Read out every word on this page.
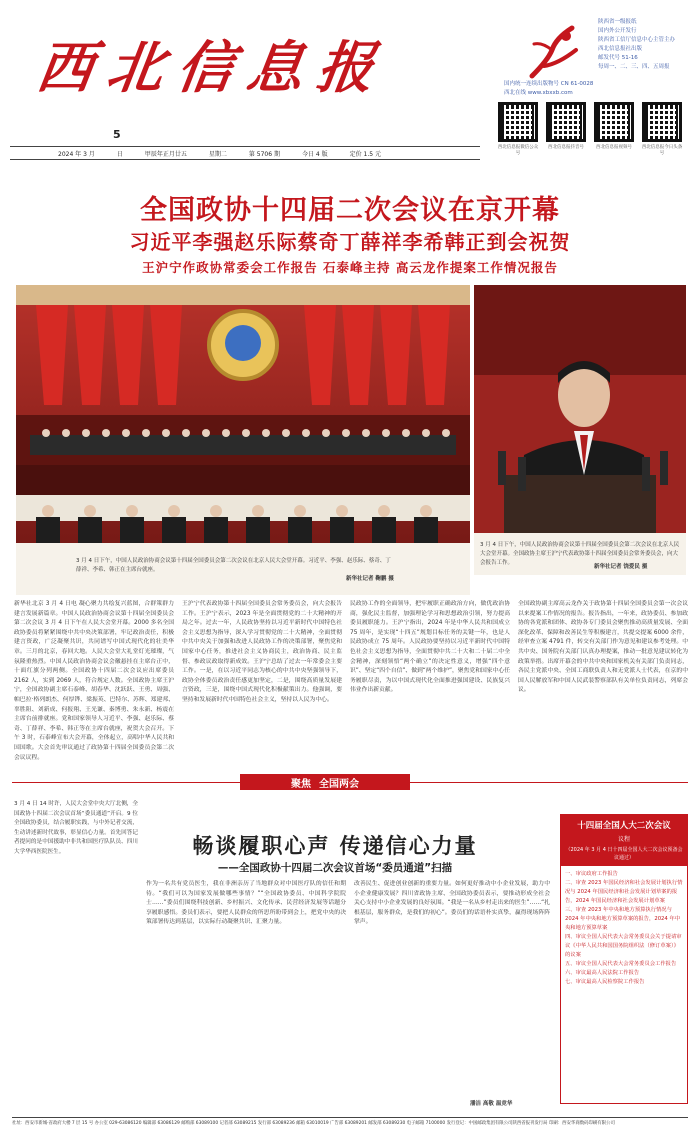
西北信息报
陕西省一级报纸
国内外公开发行
陕西省工信厅信息中心主管主办
西北信息报社出版
邮发代号 51-16
每周一、二、三、四、五周报
国内统一连续出版物号 CN 61-0028
西北在线 www.xbxxb.com
西北信息报微信公众号
西北信息报抖音号	西北信息报视频号	西北信息报今日头条号
5
2024 年 3 月	日	甲辰年正月廿五	星期二	第 5706 期	今日 4 版	定价 1.5 元
全国政协十四届二次会议在京开幕
习近平李强赵乐际蔡奇丁薛祥李希韩正到会祝贺
王沪宁作政协常委会工作报告 石泰峰主持 高云龙作提案工作情况报告
3 月 4 日下午，中国人民政治协商会议第十四届全国委员会第二次会议在北京人民大会堂开幕。习近平、李强、赵乐际、蔡奇、丁薛祥、李希、韩正在主席台就座。
新华社记者 鞠鹏 摄
3 月 4 日下午，中国人民政治协商会议第十四届全国委员会第二次会议在北京人民大会堂开幕。全国政协主席王沪宁代表政协第十四届全国委员会常务委员会，向大会报告工作。
新华社记者 饶爱民 摄
新华社北京 3 月 4 日电 凝心聚力共绘复兴蓝图，合群策群力建言发展新篇章。中国人民政治协商会议第十四届全国委员会第二次会议 3 月 4 日下午在人民大会堂开幕。2000 多名全国政协委员将紧紧围绕中共中央决策部署，牢记政治责任，积极建言资政，广泛凝聚共识，共同谱写中国式现代化的壮美华章。三月的北京，春回大地。人民大会堂大礼堂灯光璀璨，气氛隆重热烈。中国人民政治协商会议会徽悬挂在主席台正中，十面红旗分列两侧。全国政协十四届二次会议应出席委员 2162 人，实到 2069 人，符合规定人数。全国政协主席王沪宁，全国政协副主席石泰峰、胡春华、沈跃跃、王勇、周强、帕巴拉·格列朗杰、何厚铧、梁振英、巴特尔、苏辉、郑建邦、辜胜阻、刘新成、何报翔、王光谦、秦博勇、朱永新、杨震在主席台前排就座。党和国家领导人习近平、李强、赵乐际、蔡奇、丁薛祥、李希、韩正等在主席台就座，祝贺大会召开。下午 3 时，石泰峰宣布大会开幕，全体起立，高唱中华人民共和国国歌。大会首先审议通过了政协第十四届全国委员会第二次会议议程。
王沪宁代表政协第十四届全国委员会常务委员会，向大会报告工作。王沪宁表示，2023 年是全面贯彻党的二十大精神的开局之年。过去一年，人民政协坚持以习近平新时代中国特色社会主义思想为指导，深入学习贯彻党的二十大精神，全面贯彻中共中央关于加强和改进人民政协工作的决策部署，聚焦党和国家中心任务，推进社会主义协商民主，政治协商、民主监督、参政议政取得新成效。王沪宁总结了过去一年常委会主要工作。一是，在以习近平同志为核心的中共中央坚强领导下，政协全体委员政治责任感更加坚定，二是，围绕高质量发展建言资政，三是，围绕中国式现代化积极献策出力。他强调，要坚持和发展新时代中国特色社会主义，坚持以人民为中心。
民政协工作的全面领导，把牢履职正确政治方向，做优政治协商，强化民主监督，加强理论学习和思想政治引领，努力提高委员履职能力。王沪宁指出，2024 年是中华人民共和国成立 75 周年，是实现“十四五”规划目标任务的关键一年，也是人民政协成立 75 周年。人民政协要坚持以习近平新时代中国特色社会主义思想为指导，全面贯彻中共二十大和二十届二中全会精神，深刻领悟“两个确立”的决定性意义，增强“四个意识”、坚定“四个自信”、做到“两个维护”，聚焦党和国家中心任务履职尽责，为以中国式现代化全面推进强国建设、民族复兴伟业作出新贡献。
全国政协副主席高云龙作关于政协第十四届全国委员会第一次会议以来提案工作情况的报告。报告指出，一年来，政协委员、参加政协的各党派和团体、政协各专门委员会聚焦推动高质量发展、全面深化改革、保障和改善民生等积极建言，共提交提案 6000 余件，经审查立案 4791 件，转交有关部门作为意见和建议参考处理。中共中央、国务院有关部门认真办理提案，推动一批意见建议转化为政策举措。出席开幕会的中共中央和国家机关有关部门负责同志，各民主党派中央、全国工商联负责人和无党派人士代表，在京的中国人民解放军和中国人民武装警察部队有关单位负责同志，列席会议。
聚焦 全国两会
3 月 4 日 14 时许，人民大会堂中央大厅北侧，全国政协十四届二次会议首场“委员通道”开启。9 位全国政协委员，结合履职实践，与中外记者交流，生动讲述新时代故事，彰显信心力量。首先回答记者提问的是中国援助中非共和国医疗队队员、四川大学华西医院医生。	畅谈履职心声 传递信心力量
——全国政协十四届二次会议首场“委员通道”扫描
作为一名共有党员医生，我在非洲亲历了当地群众对中国医疗队的信任和期待。“我们可以为国家发展做哪些事情？”“全国政协委员、中国科学院院士……”委员们围绕科技创新、乡村振兴、文化传承、民营经济发展等话题分享履职感悟。委员们表示，要把人民群众的所思所盼带到会上，把党中央的决策部署传达到基层，以实际行动凝聚共识、汇聚力量。
改善民生、促进创业创新的重要力量。如何更好推动中小企业发展，助力中小企业健康发展？四川省政协主席、全国政协委员表示，要推动形成全社会关心支持中小企业发展的良好氛围。“我是一名从乡村走出来的医生”……“扎根基层，服务群众，是我们的初心”。委员们的话语朴实真挚，赢得现场阵阵掌声。
潘洁 高敬 温竞华
十四届全国人大二次会议
议程
（2024 年 3 月 4 日十四届全国人大二次会议预备会议通过）
一、审议政府工作报告
二、审查 2023 年国民经济和社会发展计划执行情况与 2024 年国民经济和社会发展计划草案的报告，2024 年国民经济和社会发展计划草案
三、审查 2023 年中央和地方预算执行情况与 2024 年中央和地方预算草案的报告，2024 年中央和地方预算草案
四、审议全国人民代表大会常务委员会关于提请审议《中华人民共和国国务院组织法（修订草案）》的议案
五、审议全国人民代表大会常务委员会工作报告
六、审议最高人民法院工作报告
七、审议最高人民检察院工作报告
社址：西安市新城·省政府大楼 7 层 15 号 办公室 029-63086120 编辑部 63086129 邮购部 63089100 记者部 63089215 发行部 63089236 邮箱 63010019 广告部 63089201 邮发部 63089230 电子邮箱 7100000 发行登记：中国邮政集团有限公司陕西省报刊发行局 印刷：西安华商数码印刷有限公司
